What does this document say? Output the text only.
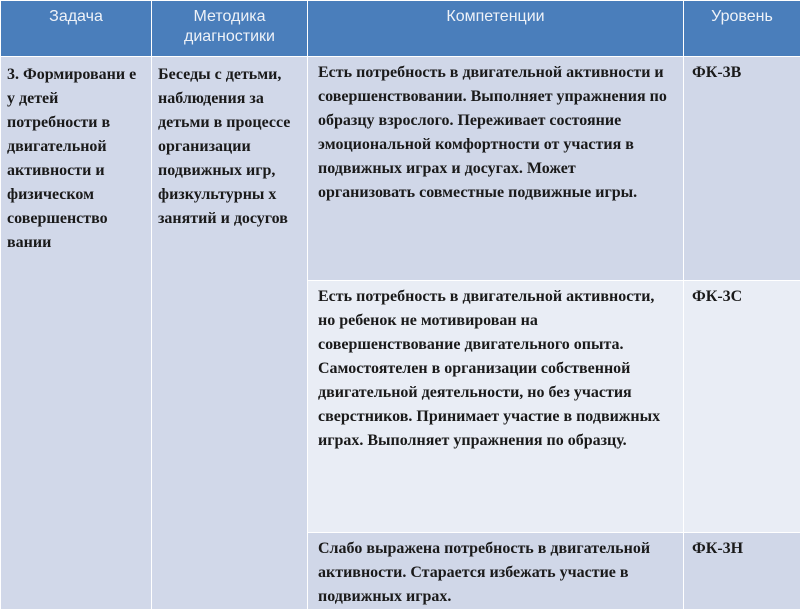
Задача	Методика диагностики	Компетенции	Уровень
3. Формировани е у детей потребности в двигательной активности и физическом совершенство вании	Беседы с детьми, наблюдения за детьми в процессе организации подвижных игр, физкультурны х занятий и досугов	Есть потребность в двигательной активности и совершенствовании. Выполняет упражнения по образцу взрослого. Переживает состояние эмоциональной комфортности от участия в подвижных играх и досугах. Может организовать совместные подвижные игры.	ФК-3В
		Есть потребность в двигательной активности, но ребенок не мотивирован на совершенствование двигательного опыта. Самостоятелен в организации собственной двигательной деятельности, но без участия сверстников. Принимает участие в подвижных играх. Выполняет упражнения по образцу.	ФК-3С
		Слабо выражена потребность в двигательной активности. Старается избежать участие в подвижных играх.	ФК-3Н
